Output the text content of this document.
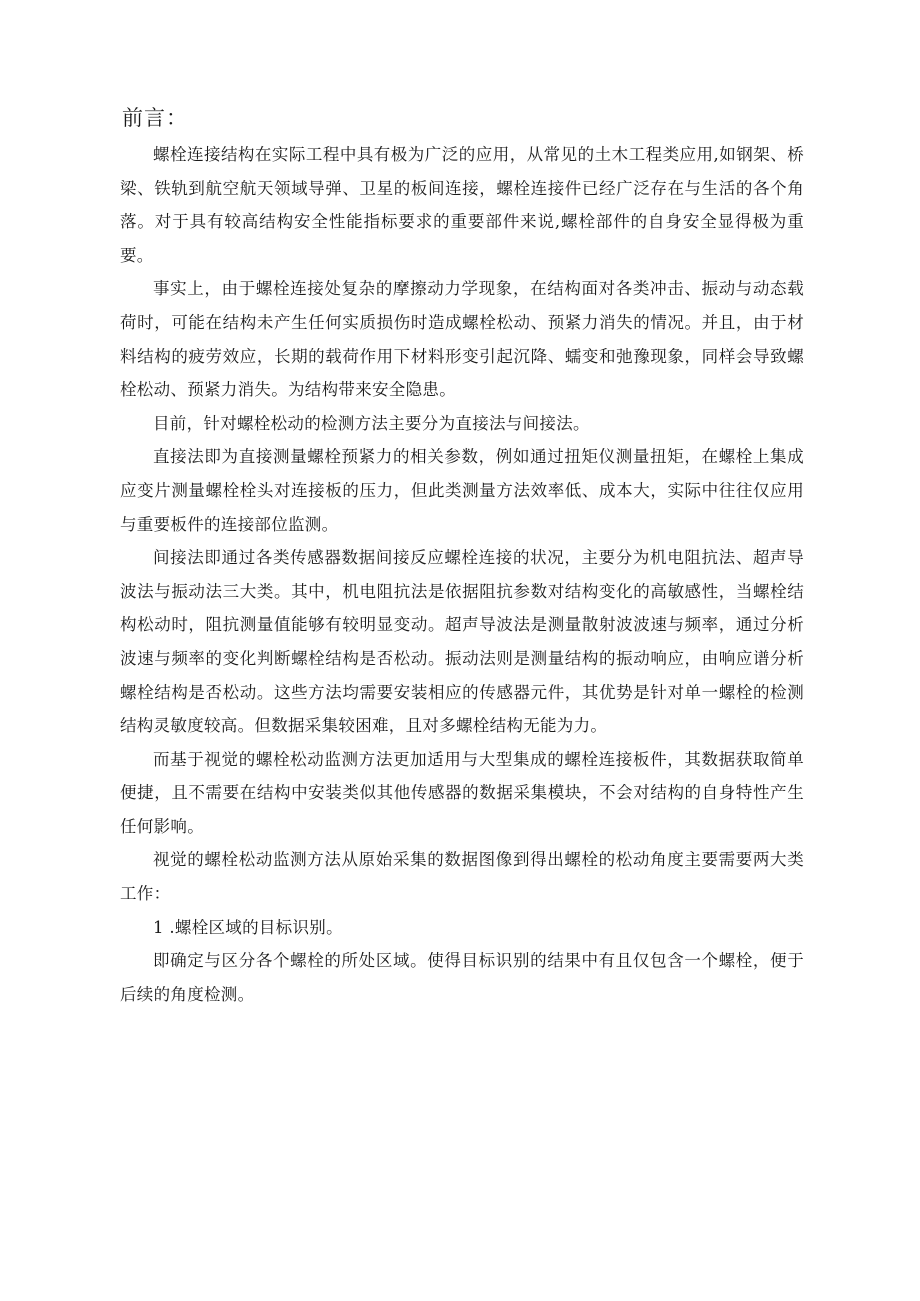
前言：

螺栓连接结构在实际工程中具有极为广泛的应用，从常见的土木工程类应用,如钢架、桥梁、铁轨到航空航天领域导弹、卫星的板间连接，螺栓连接件已经广泛存在与生活的各个角落。对于具有较高结构安全性能指标要求的重要部件来说,螺栓部件的自身安全显得极为重要。

事实上，由于螺栓连接处复杂的摩擦动力学现象，在结构面对各类冲击、振动与动态载荷时，可能在结构未产生任何实质损伤时造成螺栓松动、预紧力消失的情况。并且，由于材料结构的疲劳效应，长期的载荷作用下材料形变引起沉降、蠕变和弛豫现象，同样会导致螺栓松动、预紧力消失。为结构带来安全隐患。

目前，针对螺栓松动的检测方法主要分为直接法与间接法。

直接法即为直接测量螺栓预紧力的相关参数，例如通过扭矩仪测量扭矩，在螺栓上集成应变片测量螺栓栓头对连接板的压力，但此类测量方法效率低、成本大，实际中往往仅应用与重要板件的连接部位监测。

间接法即通过各类传感器数据间接反应螺栓连接的状况，主要分为机电阻抗法、超声导波法与振动法三大类。其中，机电阻抗法是依据阻抗参数对结构变化的高敏感性，当螺栓结构松动时，阻抗测量值能够有较明显变动。超声导波法是测量散射波波速与频率，通过分析波速与频率的变化判断螺栓结构是否松动。振动法则是测量结构的振动响应，由响应谱分析螺栓结构是否松动。这些方法均需要安装相应的传感器元件，其优势是针对单一螺栓的检测结构灵敏度较高。但数据采集较困难，且对多螺栓结构无能为力。

而基于视觉的螺栓松动监测方法更加适用与大型集成的螺栓连接板件，其数据获取简单便捷，且不需要在结构中安装类似其他传感器的数据采集模块，不会对结构的自身特性产生任何影响。

视觉的螺栓松动监测方法从原始采集的数据图像到得出螺栓的松动角度主要需要两大类工作：

1 .螺栓区域的目标识别。

即确定与区分各个螺栓的所处区域。使得目标识别的结果中有且仅包含一个螺栓，便于后续的角度检测。
